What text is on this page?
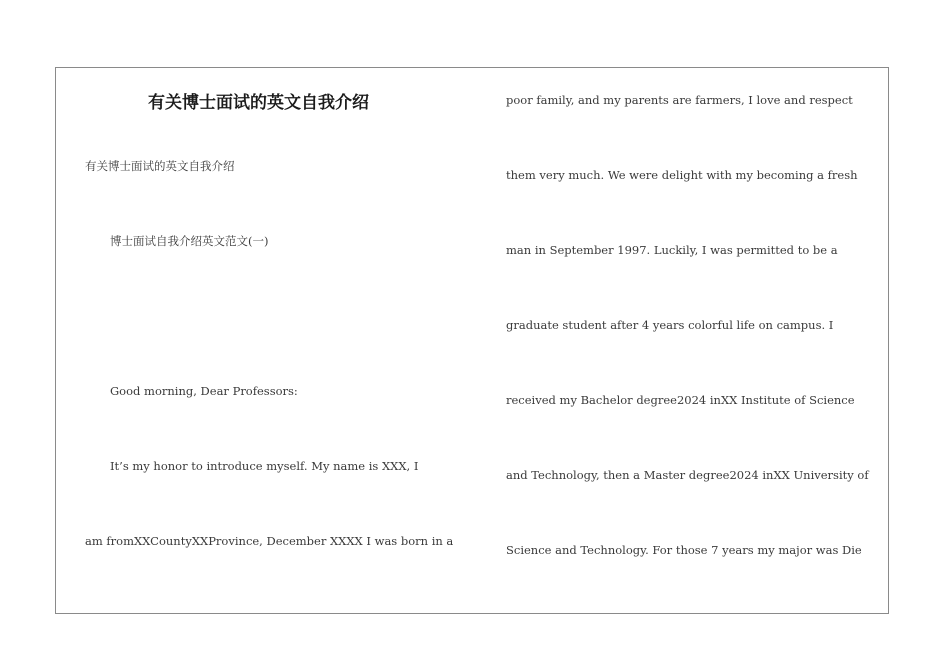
有关博士面试的英文自我介绍
有关博士面试的英文自我介绍
博士面试自我介绍英文范文(一)
Good morning, Dear Professors:
It’s my honor to introduce myself. My name is XXX, I
am fromXXCountyXXProvince, December XXXX I was born in a
poor family, and my parents are farmers, I love and respect
them very much. We were delight with my becoming a fresh
man in September 1997. Luckily, I was permitted to be a
graduate student after 4 years colorful life on campus. I
received my Bachelor degree2024 inXX Institute of Science
and Technology, then a Master degree2024 inXX University of
Science and Technology. For those 7 years my major was Die
